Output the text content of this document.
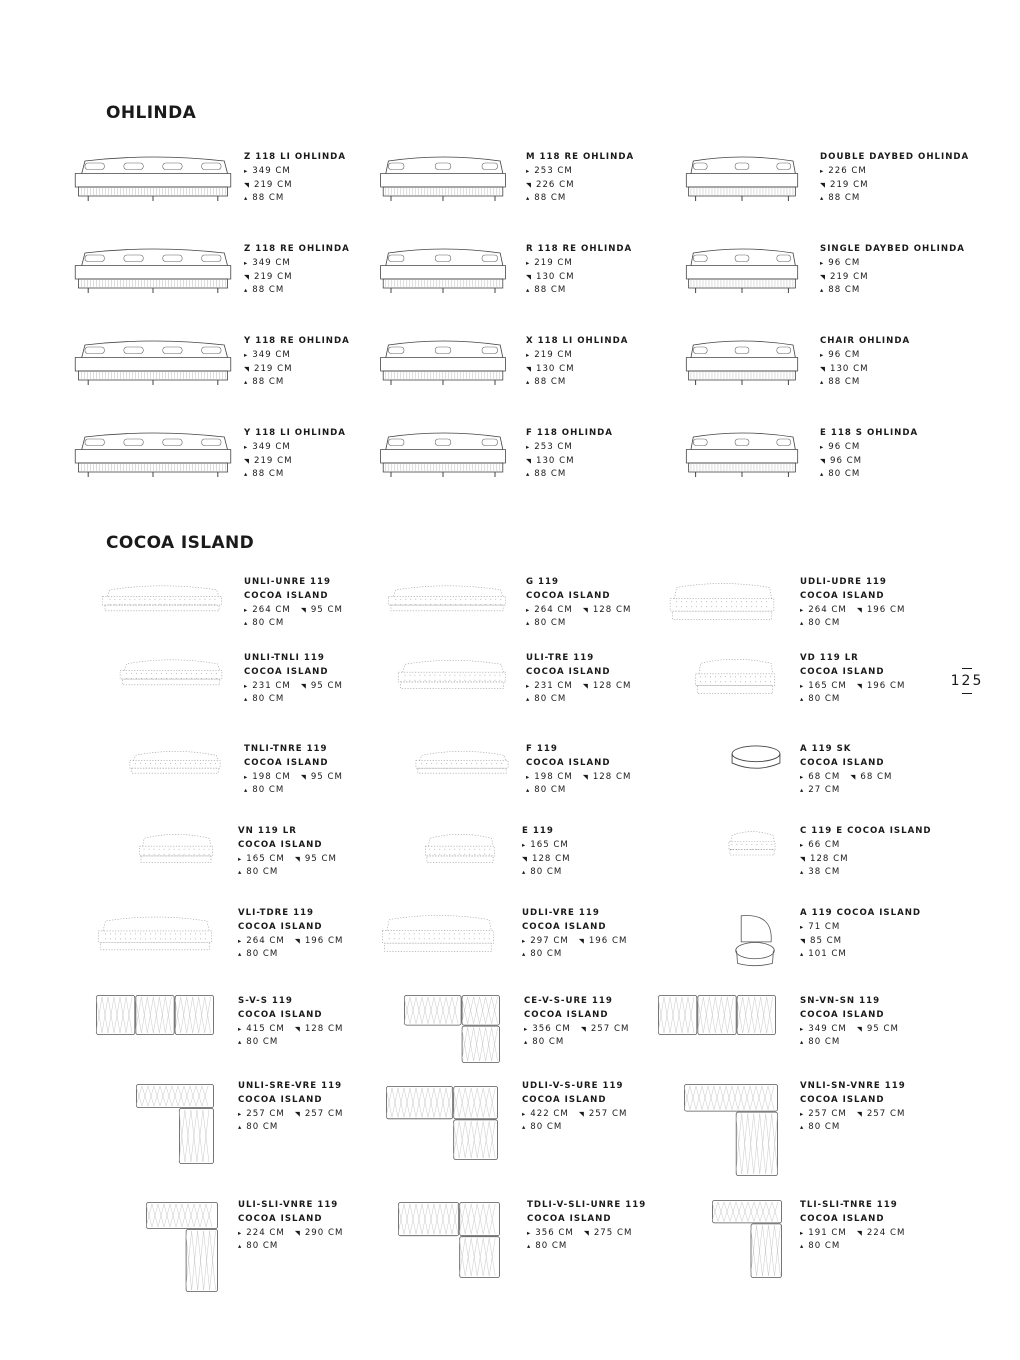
OHLINDA
COCOA ISLAND
Z 118 LI OHLINDA
▸ 349 CM
◥ 219 CM
▴ 88 CM
M 118 RE OHLINDA
▸ 253 CM
◥ 226 CM
▴ 88 CM
DOUBLE DAYBED OHLINDA
▸ 226 CM
◥ 219 CM
▴ 88 CM
Z 118 RE OHLINDA
▸ 349 CM
◥ 219 CM
▴ 88 CM
R 118 RE OHLINDA
▸ 219 CM
◥ 130 CM
▴ 88 CM
SINGLE DAYBED OHLINDA
▸ 96 CM
◥ 219 CM
▴ 88 CM
Y 118 RE OHLINDA
▸ 349 CM
◥ 219 CM
▴ 88 CM
X 118 LI OHLINDA
▸ 219 CM
◥ 130 CM
▴ 88 CM
CHAIR OHLINDA
▸ 96 CM
◥ 130 CM
▴ 88 CM
Y 118 LI OHLINDA
▸ 349 CM
◥ 219 CM
▴ 88 CM
F 118 OHLINDA
▸ 253 CM
◥ 130 CM
▴ 88 CM
E 118 S OHLINDA
▸ 96 CM
◥ 96 CM
▴ 80 CM
UNLI-UNRE 119
COCOA ISLAND
▸ 264 CM ◥ 95 CM
▴ 80 CM
G 119
COCOA ISLAND
▸ 264 CM ◥ 128 CM
▴ 80 CM
UDLI-UDRE 119
COCOA ISLAND
▸ 264 CM ◥ 196 CM
▴ 80 CM
UNLI-TNLI 119
COCOA ISLAND
▸ 231 CM ◥ 95 CM
▴ 80 CM
ULI-TRE 119
COCOA ISLAND
▸ 231 CM ◥ 128 CM
▴ 80 CM
VD 119 LR
COCOA ISLAND
▸ 165 CM ◥ 196 CM
▴ 80 CM
TNLI-TNRE 119
COCOA ISLAND
▸ 198 CM ◥ 95 CM
▴ 80 CM
F 119
COCOA ISLAND
▸ 198 CM ◥ 128 CM
▴ 80 CM
A 119 SK
COCOA ISLAND
▸ 68 CM ◥ 68 CM
▴ 27 CM
VN 119 LR
COCOA ISLAND
▸ 165 CM ◥ 95 CM
▴ 80 CM
E 119
▸ 165 CM
◥ 128 CM
▴ 80 CM
C 119 E COCOA ISLAND
▸ 66 CM
◥ 128 CM
▴ 38 CM
VLI-TDRE 119
COCOA ISLAND
▸ 264 CM ◥ 196 CM
▴ 80 CM
UDLI-VRE 119
COCOA ISLAND
▸ 297 CM ◥ 196 CM
▴ 80 CM
A 119 COCOA ISLAND
▸ 71 CM
◥ 85 CM
▴ 101 CM
S-V-S 119
COCOA ISLAND
▸ 415 CM ◥ 128 CM
▴ 80 CM
CE-V-S-URE 119
COCOA ISLAND
▸ 356 CM ◥ 257 CM
▴ 80 CM
SN-VN-SN 119
COCOA ISLAND
▸ 349 CM ◥ 95 CM
▴ 80 CM
UNLI-SRE-VRE 119
COCOA ISLAND
▸ 257 CM ◥ 257 CM
▴ 80 CM
UDLI-V-S-URE 119
COCOA ISLAND
▸ 422 CM ◥ 257 CM
▴ 80 CM
VNLI-SN-VNRE 119
COCOA ISLAND
▸ 257 CM ◥ 257 CM
▴ 80 CM
ULI-SLI-VNRE 119
COCOA ISLAND
▸ 224 CM ◥ 290 CM
▴ 80 CM
TDLI-V-SLI-UNRE 119
COCOA ISLAND
▸ 356 CM ◥ 275 CM
▴ 80 CM
TLI-SLI-TNRE 119
COCOA ISLAND
▸ 191 CM ◥ 224 CM
▴ 80 CM
125
